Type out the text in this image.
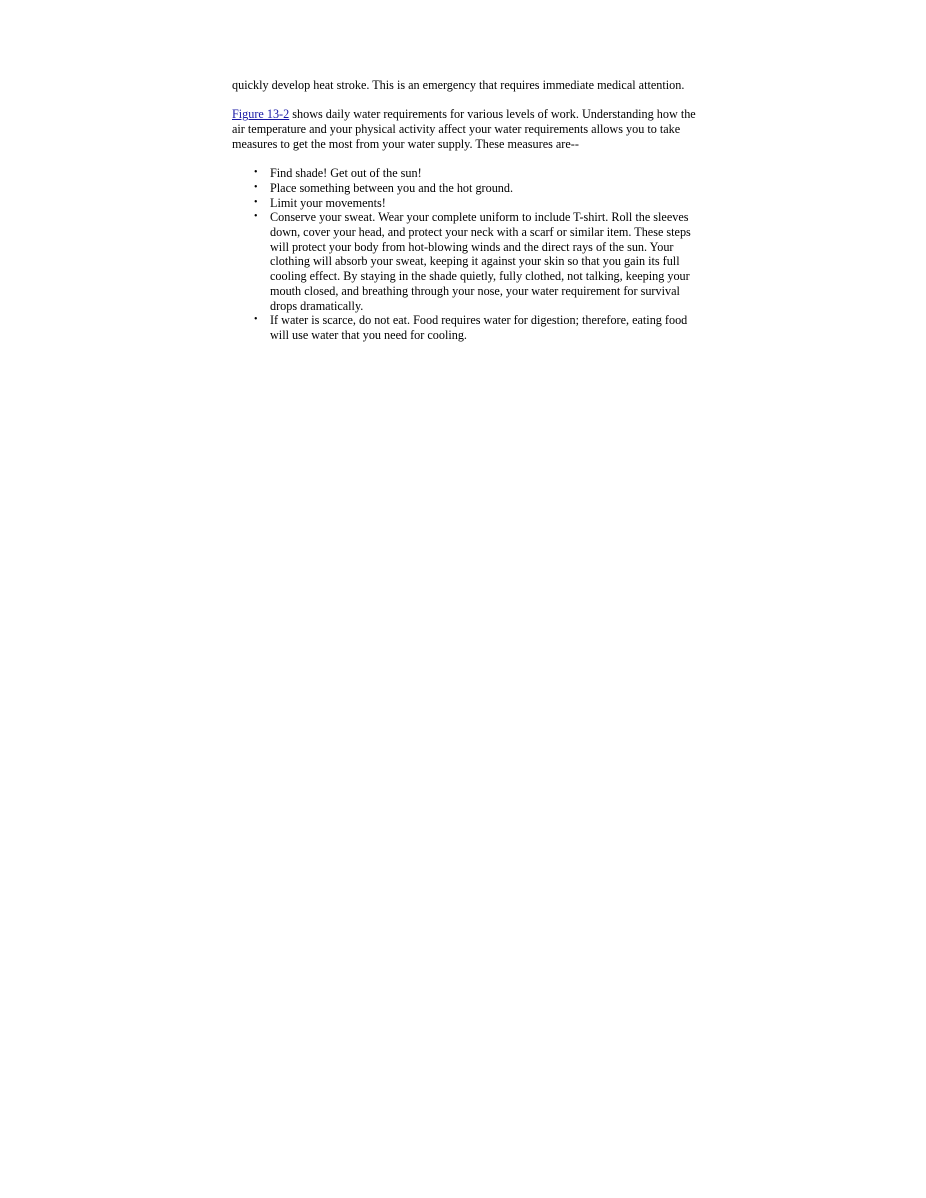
quickly develop heat stroke. This is an emergency that requires immediate medical attention.

Figure 13-2 shows daily water requirements for various levels of work. Understanding how the air temperature and your physical activity affect your water requirements allows you to take measures to get the most from your water supply. These measures are--

• Find shade! Get out of the sun!
• Place something between you and the hot ground.
• Limit your movements!
• Conserve your sweat. Wear your complete uniform to include T-shirt. Roll the sleeves down, cover your head, and protect your neck with a scarf or similar item. These steps will protect your body from hot-blowing winds and the direct rays of the sun. Your clothing will absorb your sweat, keeping it against your skin so that you gain its full cooling effect. By staying in the shade quietly, fully clothed, not talking, keeping your mouth closed, and breathing through your nose, your water requirement for survival drops dramatically.
• If water is scarce, do not eat. Food requires water for digestion; therefore, eating food will use water that you need for cooling.
